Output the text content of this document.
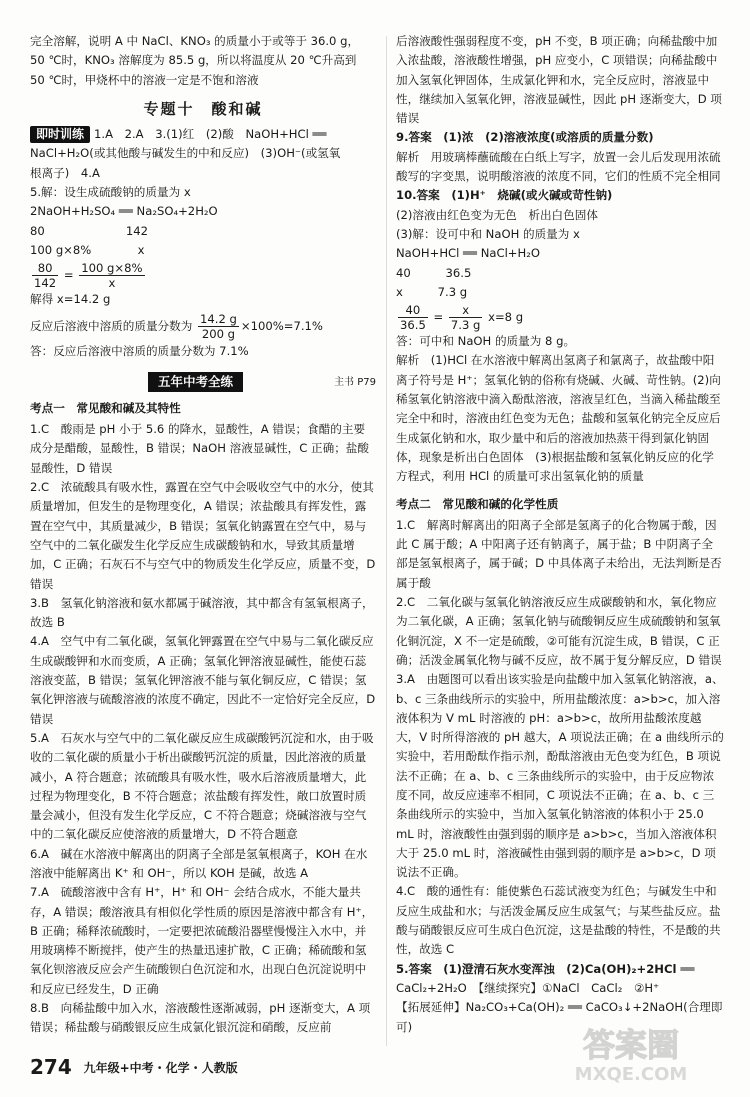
完全溶解，说明 A 中 NaCl、KNO₃ 的质量小于或等于 36.0 g，

50 ℃时，KNO₃ 溶解度为 85.5 g，所以将温度从 20 ℃升高到

50 ℃时，甲烧杯中的溶液一定是不饱和溶液

专题十　酸和碱

即时训练 1.A　2.A　3.(1)红　(2)酸　NaOH+HCl ══

NaCl+H₂O(或其他酸与碱发生的中和反应)　(3)OH⁻(或氢氧

根离子)　4.A

5.解：设生成硫酸钠的质量为 x

2NaOH+H₂SO₄ ══ Na₂SO₄+2H₂O

80　　　　　　　142

100 g×8%　　　　x

$\frac{80}{142} = \frac{100 g\times 8\%}{x}$

解得 x=14.2 g

反应后溶液中溶质的质量分数为 $\frac{14.2 g}{200 g} \times 100\%=7.1\%$

答：反应后溶液中溶质的质量分数为 7.1%

五年中考全练	主书 P79
考点一　常见酸和碱及其特性

1.C　酸雨是 pH 小于 5.6 的降水，显酸性，A 错误；食醋的主要成分是醋酸，显酸性，B 错误；NaOH 溶液显碱性，C 正确；盐酸显酸性，D 错误

2.C　浓硫酸具有吸水性，露置在空气中会吸收空气中的水分，使其质量增加，但发生的是物理变化，A 错误；浓盐酸具有挥发性，露置在空气中，其质量减少，B 错误；氢氧化钠露置在空气中，易与空气中的二氧化碳发生化学反应生成碳酸钠和水，导致其质量增加，C 正确；石灰石不与空气中的物质发生化学反应，质量不变，D 错误

3.B　氢氧化钠溶液和氨水都属于碱溶液，其中都含有氢氧根离子，故选 B

4.A　空气中有二氧化碳，氢氧化钾露置在空气中易与二氧化碳反应生成碳酸钾和水而变质，A 正确；氢氧化钾溶液显碱性，能使石蕊溶液变蓝，B 错误；氢氧化钾溶液不能与氧化铜反应，C 错误；氢氧化钾溶液与硫酸溶液的浓度不确定，因此不一定恰好完全反应，D 错误

5.A　石灰水与空气中的二氧化碳反应生成碳酸钙沉淀和水，由于吸收的二氧化碳的质量小于析出碳酸钙沉淀的质量，因此溶液的质量减小，A 符合题意；浓硫酸具有吸水性，吸水后溶液质量增大，此过程为物理变化，B 不符合题意；浓盐酸有挥发性，敞口放置时质量会减小，但没有发生化学反应，C 不符合题意；烧碱溶液与空气中的二氧化碳反应使溶液的质量增大，D 不符合题意

6.A　碱在水溶液中解离出的阴离子全部是氢氧根离子，KOH 在水溶液中能解离出 K⁺ 和 OH⁻，所以 KOH 是碱，故选 A

7.A　硫酸溶液中含有 H⁺，H⁺ 和 OH⁻ 会结合成水，不能大量共存，A 错误；酸溶液具有相似化学性质的原因是溶液中都含有 H⁺，B 正确；稀释浓硫酸时，一定要把浓硫酸沿器壁慢慢注入水中，并用玻璃棒不断搅拌，使产生的热量迅速扩散，C 正确；稀硫酸和氢氧化钡溶液反应会产生硫酸钡白色沉淀和水，出现白色沉淀说明中和反应已经发生，D 正确

8.B　向稀盐酸中加入水，溶液酸性逐渐减弱，pH 逐渐变大，A 项错误；稀盐酸与硝酸银反应生成氯化银沉淀和硝酸，反应前

后溶液酸性强弱程度不变，pH 不变，B 项正确；向稀盐酸中加入浓盐酸，溶液酸性增强，pH 应变小，C 项错误；向稀盐酸中加入氢氧化钾固体，生成氯化钾和水，完全反应时，溶液显中性，继续加入氢氧化钾，溶液显碱性，因此 pH 逐渐变大，D 项错误

9.答案　(1)浓　(2)溶液浓度(或溶质的质量分数)

解析　用玻璃棒蘸硫酸在白纸上写字，放置一会儿后发现用浓硫酸写的字变黑，说明酸溶液的浓度不同，它们的性质不完全相同

10.答案　(1)H⁺　烧碱(或火碱或苛性钠)

(2)溶液由红色变为无色　析出白色固体

(3)解：设可中和 NaOH 的质量为 x

NaOH+HCl ══ NaCl+H₂O

40　　　36.5

x　　　7.3 g

$\frac{40}{36.5} = \frac{x}{7.3 g} x=8$ g

答：可中和 NaOH 的质量为 8 g。

解析　(1)HCl 在水溶液中解离出氢离子和氯离子，故盐酸中阳离子符号是 H⁺；氢氧化钠的俗称有烧碱、火碱、苛性钠。(2)向稀氢氧化钠溶液中滴入酚酞溶液，溶液呈红色，当滴入稀盐酸至完全中和时，溶液由红色变为无色；盐酸和氢氧化钠完全反应后生成氯化钠和水，取少量中和后的溶液加热蒸干得到氯化钠固体，现象是析出白色固体　(3)根据盐酸和氢氧化钠反应的化学方程式，利用 HCl 的质量可求出氢氧化钠的质量

考点二　常见酸和碱的化学性质

1.C　解离时解离出的阳离子全部是氢离子的化合物属于酸，因此 C 属于酸；A 中阳离子还有钠离子，属于盐；B 中阴离子全部是氢氧根离子，属于碱；D 中具体离子未给出，无法判断是否属于酸

2.C　二氧化碳与氢氧化钠溶液反应生成碳酸钠和水，氧化物应为二氧化碳，A 正确；氢氧化钠与硫酸铜反应生成硫酸钠和氢氧化铜沉淀，X 不一定是硫酸，②可能有沉淀生成，B 错误，C 正确；活泼金属氧化物与碱不反应，故不属于复分解反应，D 错误

3.A　由题图可以看出该实验是向盐酸中加入氢氧化钠溶液，a、b、c 三条曲线所示的实验中，所用盐酸浓度：a>b>c，加入溶液体积为 V mL 时溶液的 pH：a>b>c，故所用盐酸浓度越大，V 时所得溶液的 pH 越大，A 项说法正确；在 a 曲线所示的实验中，若用酚酞作指示剂，酚酞溶液由无色变为红色，B 项说法不正确；在 a、b、c 三条曲线所示的实验中，由于反应物浓度不同，故反应速率不相同，C 项说法不正确；在 a、b、c 三条曲线所示的实验中，当加入氢氧化钠溶液的体积小于 25.0 mL 时，溶液酸性由强到弱的顺序是 a>b>c，当加入溶液体积大于 25.0 mL 时，溶液碱性由强到弱的顺序是 a>b>c，D 项说法不正确。

4.C　酸的通性有：能使紫色石蕊试液变为红色；与碱发生中和反应生成盐和水；与活泼金属反应生成氢气；与某些盐反应。盐酸与硝酸银反应可生成白色沉淀，这是盐酸的特性，不是酸的共性，故选 C

5.答案　(1)澄清石灰水变浑浊　(2)Ca(OH)₂+2HCl ══

CaCl₂+2H₂O　【继续探究】①NaCl　CaCl₂　②H⁺

【拓展延伸】Na₂CO₃+Ca(OH)₂ ══ CaCO₃↓+2NaOH(合理即可)

274 九年级+中考・化学・人教版
答案圈
MXQE.COM
